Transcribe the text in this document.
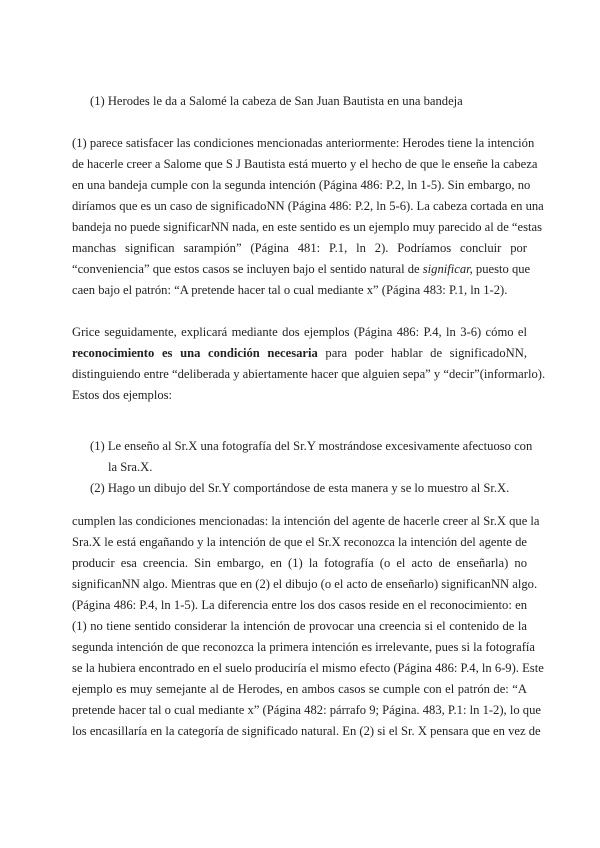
(1) Herodes le da a Salomé la cabeza de San Juan Bautista en una bandeja
(1) parece satisfacer las condiciones mencionadas anteriormente: Herodes tiene la intención
de hacerle creer a Salome que S J Bautista está muerto y el hecho de que le enseñe la cabeza
en una bandeja cumple con la segunda intención (Página 486: P.2, ln 1-5). Sin embargo, no
diríamos que es un caso de significadoNN (Página 486: P.2, ln 5-6). La cabeza cortada en una
bandeja no puede significarNN nada, en este sentido es un ejemplo muy parecido al de “estas
manchas significan sarampión” (Página 481: P.1, ln 2). Podríamos concluir por
“conveniencia” que estos casos se incluyen bajo el sentido natural de significar, puesto que
caen bajo el patrón: “A pretende hacer tal o cual mediante x” (Página 483: P.1, ln 1-2).
Grice seguidamente, explicará mediante dos ejemplos (Página 486: P.4, ln 3-6) cómo el
reconocimiento es una condición necesaria para poder hablar de significadoNN,
distinguiendo entre “deliberada y abiertamente hacer que alguien sepa” y “decir”(informarlo).
Estos dos ejemplos:
(1) Le enseño al Sr.X una fotografía del Sr.Y mostrándose excesivamente afectuoso con
la Sra.X.
(2) Hago un dibujo del Sr.Y comportándose de esta manera y se lo muestro al Sr.X.
cumplen las condiciones mencionadas: la intención del agente de hacerle creer al Sr.X que la
Sra.X le está engañando y la intención de que el Sr.X reconozca la intención del agente de
producir esa creencia. Sin embargo, en (1) la fotografía (o el acto de enseñarla) no
significanNN algo. Mientras que en (2) el dibujo (o el acto de enseñarlo) significanNN algo.
(Página 486: P.4, ln 1-5). La diferencia entre los dos casos reside en el reconocimiento: en
(1) no tiene sentido considerar la intención de provocar una creencia si el contenido de la
segunda intención de que reconozca la primera intención es irrelevante, pues si la fotografía
se la hubiera encontrado en el suelo produciría el mismo efecto (Página 486: P.4, ln 6-9). Este
ejemplo es muy semejante al de Herodes, en ambos casos se cumple con el patrón de: “A
pretende hacer tal o cual mediante x” (Página 482: párrafo 9; Página. 483, P.1: ln 1-2), lo que
los encasillaría en la categoría de significado natural. En (2) si el Sr. X pensara que en vez de
